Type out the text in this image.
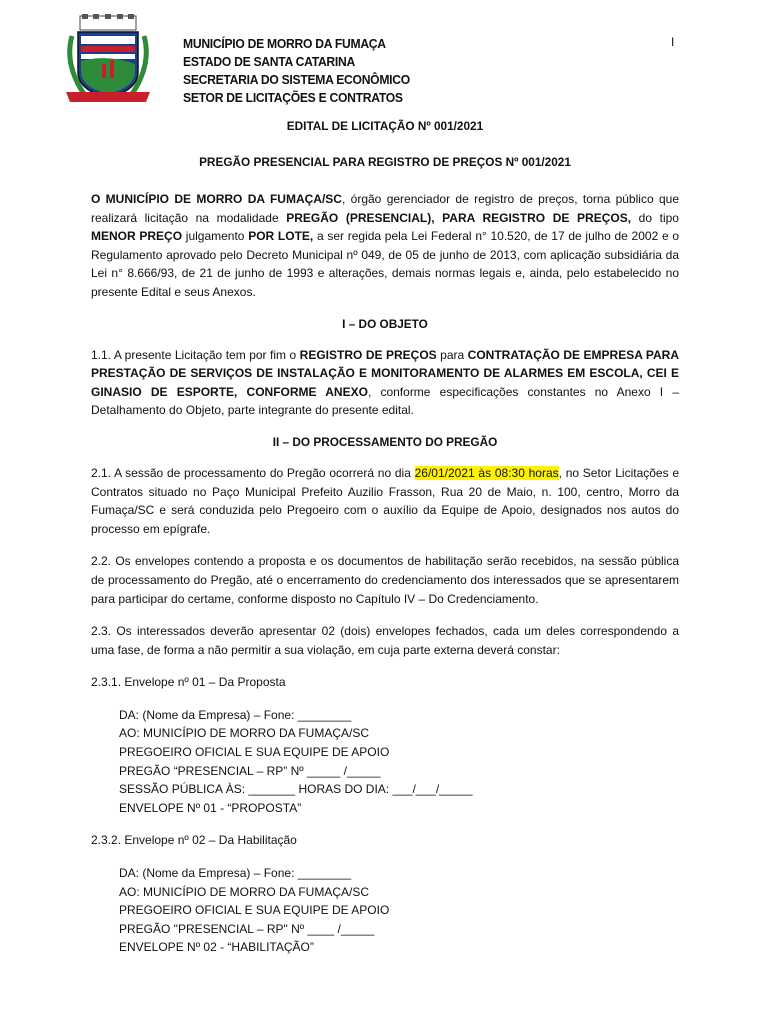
MUNICÍPIO DE MORRO DA FUMAÇA
ESTADO DE SANTA CATARINA
SECRETARIA DO SISTEMA ECONÔMICO
SETOR DE LICITAÇÕES E CONTRATOS
I
EDITAL DE LICITAÇÃO Nº 001/2021
PREGÃO PRESENCIAL PARA REGISTRO DE PREÇOS Nº 001/2021

O MUNICÍPIO DE MORRO DA FUMAÇA/SC, órgão gerenciador de registro de preços, torna público que realizará licitação na modalidade PREGÃO (PRESENCIAL), PARA REGISTRO DE PREÇOS, do tipo MENOR PREÇO julgamento POR LOTE, a ser regida pela Lei Federal n° 10.520, de 17 de julho de 2002 e o Regulamento aprovado pelo Decreto Municipal nº 049, de 05 de junho de 2013, com aplicação subsidiária da Lei n° 8.666/93, de 21 de junho de 1993 e alterações, demais normas legais e, ainda, pelo estabelecido no presente Edital e seus Anexos.

I – DO OBJETO

1.1. A presente Licitação tem por fim o REGISTRO DE PREÇOS para CONTRATAÇÃO DE EMPRESA PARA PRESTAÇÃO DE SERVIÇOS DE INSTALAÇÃO E MONITORAMENTO DE ALARMES EM ESCOLA, CEI E GINASIO DE ESPORTE, CONFORME ANEXO, conforme especificações constantes no Anexo I – Detalhamento do Objeto, parte integrante do presente edital.

II – DO PROCESSAMENTO DO PREGÃO

2.1. A sessão de processamento do Pregão ocorrerá no dia 26/01/2021 às 08:30 horas, no Setor Licitações e Contratos situado no Paço Municipal Prefeito Auzilio Frasson, Rua 20 de Maio, n. 100, centro, Morro da Fumaça/SC e será conduzida pelo Pregoeiro com o auxílio da Equipe de Apoio, designados nos autos do processo em epígrafe.

2.2. Os envelopes contendo a proposta e os documentos de habilitação serão recebidos, na sessão pública de processamento do Pregão, até o encerramento do credenciamento dos interessados que se apresentarem para participar do certame, conforme disposto no Capítulo IV – Do Credenciamento.

2.3. Os interessados deverão apresentar 02 (dois) envelopes fechados, cada um deles correspondendo a uma fase, de forma a não permitir a sua violação, em cuja parte externa deverá constar:

2.3.1. Envelope nº 01 – Da Proposta

DA: (Nome da Empresa) – Fone: ________
AO: MUNICÍPIO DE MORRO DA FUMAÇA/SC
PREGOEIRO OFICIAL E SUA EQUIPE DE APOIO
PREGÃO “PRESENCIAL – RP” Nº _____ /_____
SESSÃO PÚBLICA ÀS: _______ HORAS DO DIA: ___/___/_____
ENVELOPE Nº 01 - “PROPOSTA”

2.3.2. Envelope nº 02 – Da Habilitação

DA: (Nome da Empresa) – Fone: ________
AO: MUNICÍPIO DE MORRO DA FUMAÇA/SC
PREGOEIRO OFICIAL E SUA EQUIPE DE APOIO
PREGÃO "PRESENCIAL – RP" Nº ____ /_____
ENVELOPE Nº 02 - “HABILITAÇÃO”
